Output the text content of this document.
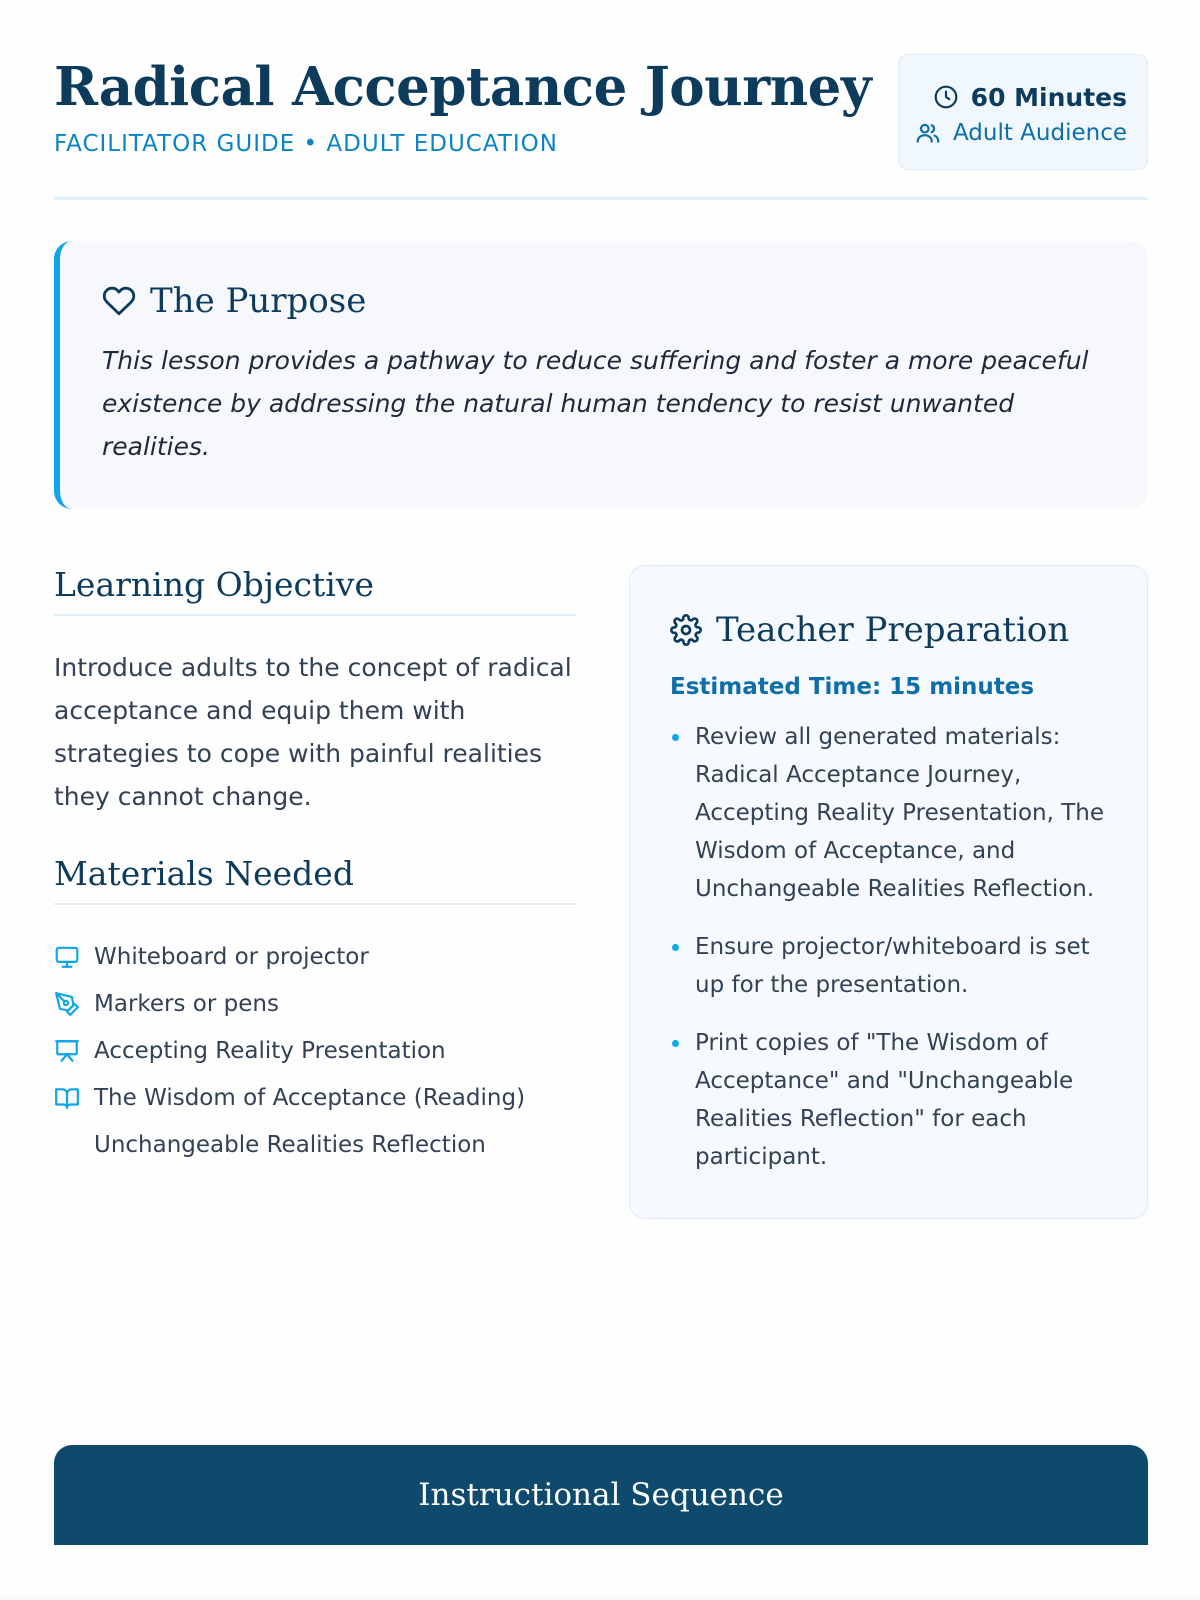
Radical Acceptance Journey
FACILITATOR GUIDE • ADULT EDUCATION
60 Minutes
Adult Audience
The Purpose

This lesson provides a pathway to reduce suffering and foster a more peaceful existence by addressing the natural human tendency to resist unwanted realities.

Learning Objective

Introduce adults to the concept of radical acceptance and equip them with strategies to cope with painful realities they cannot change.

Materials Needed
Whiteboard or projector
Markers or pens
Accepting Reality Presentation
The Wisdom of Acceptance (Reading)
Unchangeable Realities Reflection
Teacher Preparation
Estimated Time: 15 minutes
Review all generated materials: Radical Acceptance Journey, Accepting Reality Presentation, The Wisdom of Acceptance, and Unchangeable Realities Reflection.
Ensure projector/whiteboard is set up for the presentation.
Print copies of "The Wisdom of Acceptance" and "Unchangeable Realities Reflection" for each participant.
Instructional Sequence
